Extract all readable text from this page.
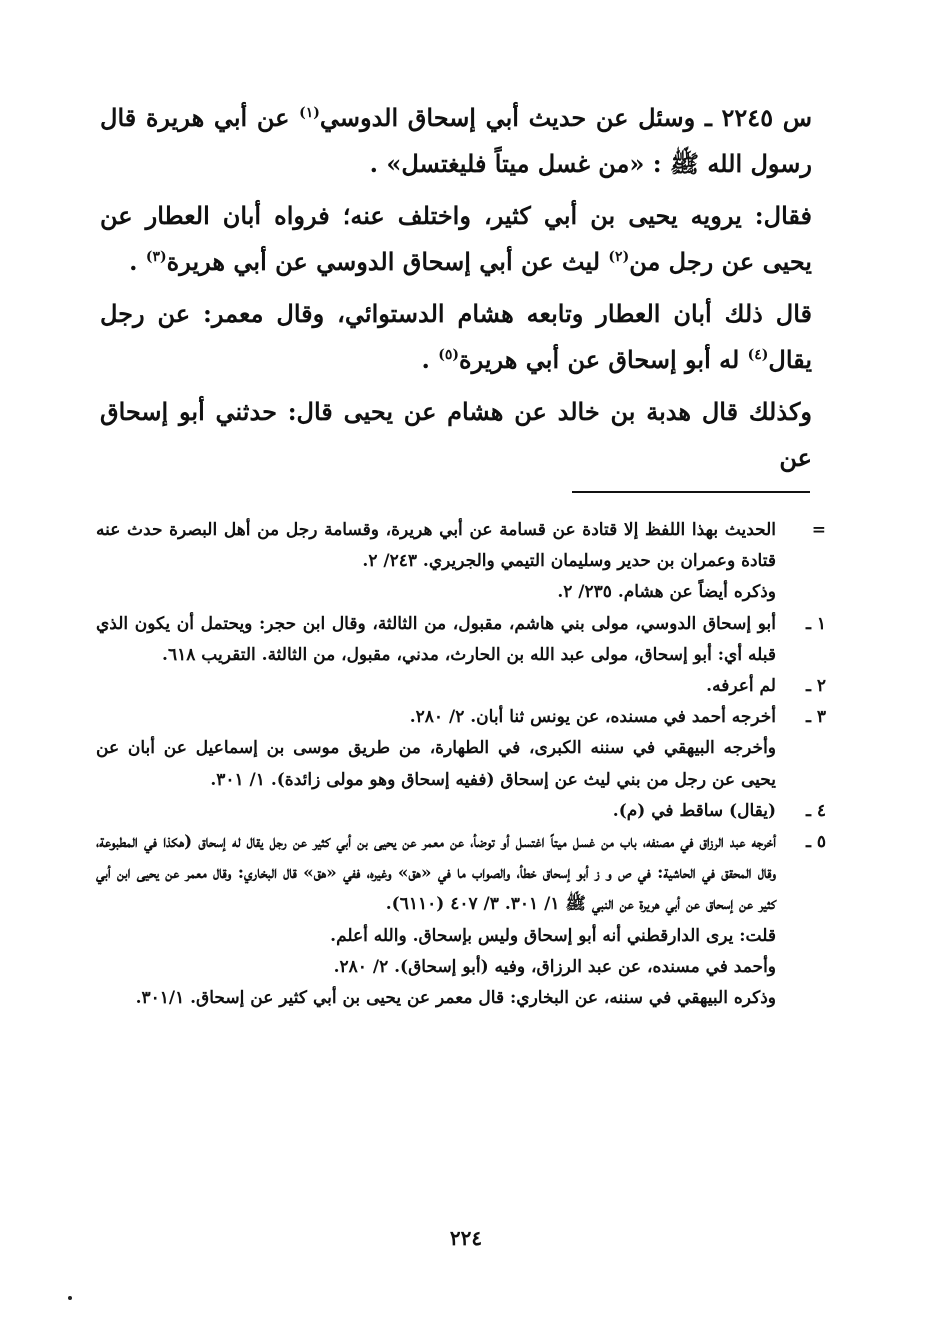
س ٢٢٤٥ ـ وسئل عن حديث أبي إسحاق الدوسي$^{(١)}$ عن أبي هريرة قال رسول الله ﷺ : «من غسل ميتاً فليغتسل» .

فقال: يرويه يحيى بن أبي كثير، واختلف عنه؛ فرواه أبان العطار عن يحيى عن رجل من$^{(٢)}$ ليث عن أبي إسحاق الدوسي عن أبي هريرة$^{(٣)}$ .

قال ذلك أبان العطار وتابعه هشام الدستوائي، وقال معمر: عن رجل يقال$^{(٤)}$ له أبو إسحاق عن أبي هريرة$^{(٥)}$ .

وكذلك قال هدبة بن خالد عن هشام عن يحيى قال: حدثني أبو إسحاق عن

=
الحديث بهذا اللفظ إلا قتادة عن قسامة عن أبي هريرة، وقسامة رجل من أهل البصرة حدث عنه قتادة وعمران بن حدير وسليمان التيمي والجريري. ٢٤٣/ ٢.
وذكره أيضاً عن هشام. ٢٣٥/ ٢.
١ ـ
أبو إسحاق الدوسي، مولى بني هاشم، مقبول، من الثالثة، وقال ابن حجر: ويحتمل أن يكون الذي قبله أي: أبو إسحاق، مولى عبد الله بن الحارث، مدني، مقبول، من الثالثة. التقريب ٦١٨.
٢ ـ
لم أعرفه.
٣ ـ
أخرجه أحمد في مسنده، عن يونس ثنا أبان. ٢/ ٢٨٠.
وأخرجه البيهقي في سننه الكبرى، في الطهارة، من طريق موسى بن إسماعيل عن أبان عن يحيى عن رجل من بني ليث عن إسحاق (ففيه إسحاق وهو مولى زائدة). ١/ ٣٠١.
٤ ـ
(يقال) ساقط في (م).
٥ ـ
أخرجه عبد الرزاق في مصنفه، باب من غسل ميتاً اغتسل أو توضأ، عن معمر عن يحيى بن أبي كثير عن رجل يقال له إسحاق (هكذا في المطبوعة، وقال المحقق في الحاشية: في ص و ز أبو إسحاق خطأ، والصواب ما في «هق» وغيره، ففي «هق» قال البخاري: وقال معمر عن يحيى ابن أبي كثير عن إسحاق عن أبي هريرة عن النبي ﷺ ١/ ٣٠١. ٣/ ٤٠٧ (٦١١٠).
قلت: يرى الدارقطني أنه أبو إسحاق وليس بإسحاق. والله أعلم.
وأحمد في مسنده، عن عبد الرزاق، وفيه (أبو إسحاق). ٢/ ٢٨٠.
وذكره البيهقي في سننه، عن البخاري: قال معمر عن يحيى بن أبي كثير عن إسحاق. ٣٠١/١.
٢٢٤
